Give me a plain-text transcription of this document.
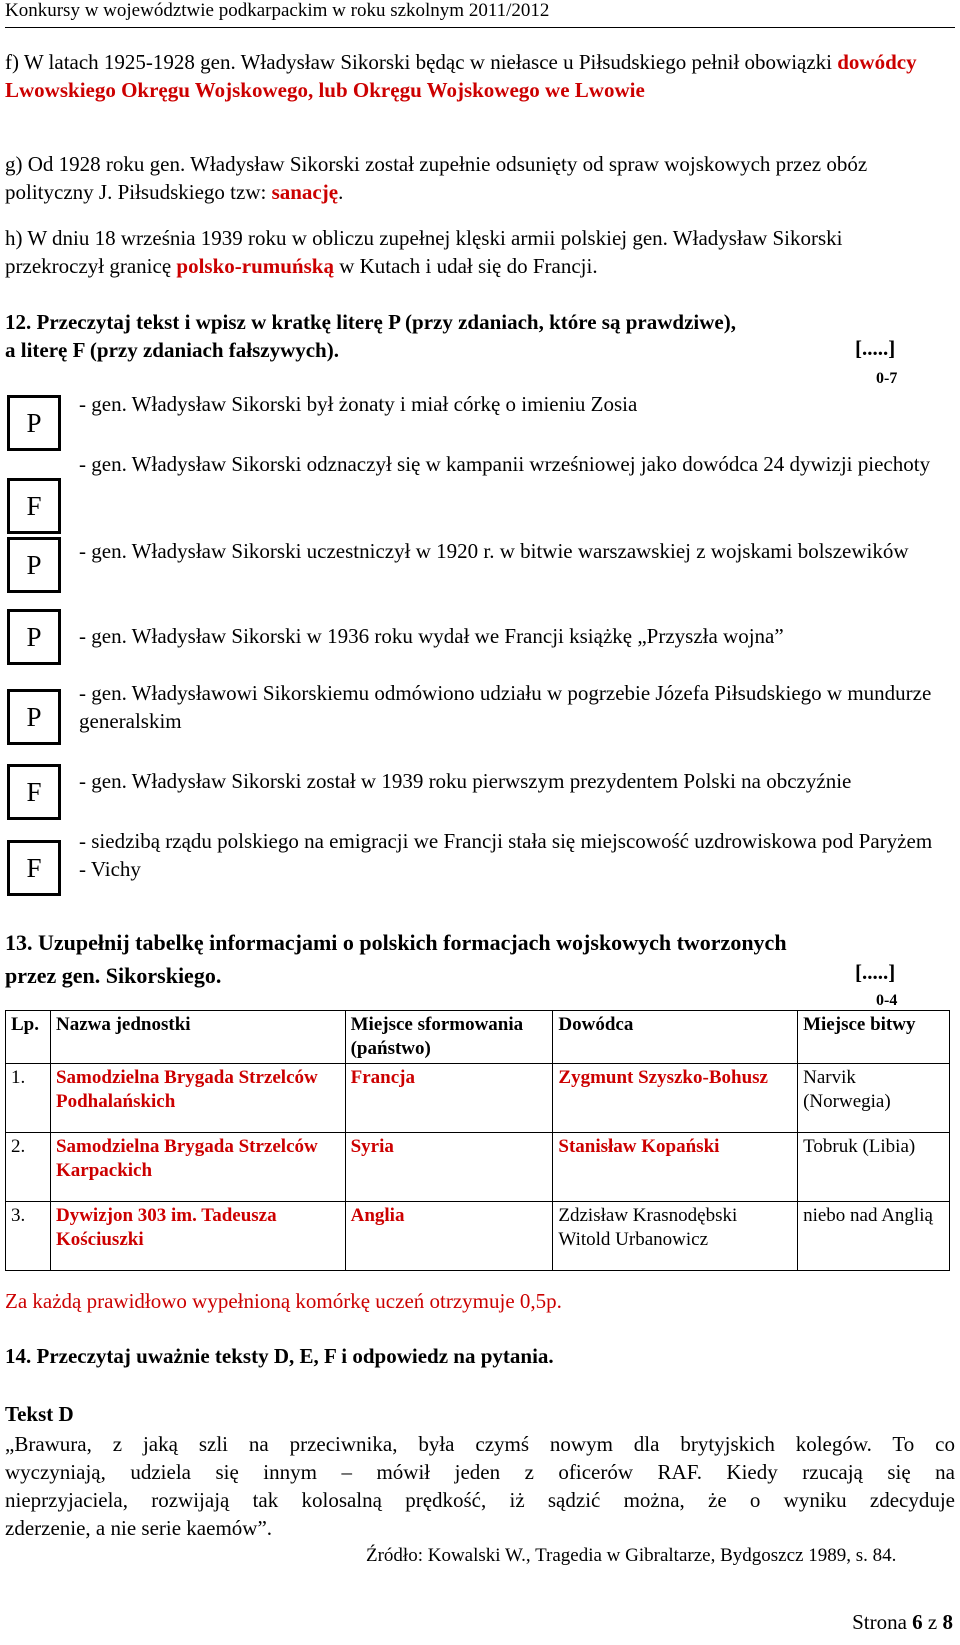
Konkursy w województwie podkarpackim w roku szkolnym 2011/2012
f) W latach 1925-1928 gen. Władysław Sikorski będąc w niełasce u Piłsudskiego pełnił obowiązki dowódcy Lwowskiego Okręgu Wojskowego, lub Okręgu Wojskowego we Lwowie
g) Od 1928 roku gen. Władysław Sikorski został zupełnie odsunięty od spraw wojskowych przez obóz polityczny J. Piłsudskiego tzw: sanację.
h) W dniu 18 września 1939 roku w obliczu zupełnej klęski armii polskiej gen. Władysław Sikorski przekroczył granicę polsko-rumuńską w Kutach i udał się do Francji.
12. Przeczytaj tekst i wpisz w kratkę literę P (przy zdaniach, które są prawdziwe),
a literę F (przy zdaniach fałszywych).	[.....]
0-7
P
- gen. Władysław Sikorski był żonaty i miał córkę o imieniu Zosia
F
- gen. Władysław Sikorski odznaczył się w kampanii wrześniowej jako dowódca 24 dywizji piechoty
P	- gen. Władysław Sikorski uczestniczył w 1920 r. w bitwie warszawskiej z wojskami bolszewików
P	- gen. Władysław Sikorski w 1936 roku wydał we Francji książkę „Przyszła wojna”
P
- gen. Władysławowi Sikorskiemu odmówiono udziału w pogrzebie Józefa Piłsudskiego w mundurze generalskim
F	- gen. Władysław Sikorski został w 1939 roku pierwszym prezydentem Polski na obczyźnie
F
- siedzibą rządu polskiego na emigracji we Francji stała się miejscowość uzdrowiskowa pod Paryżem - Vichy
13. Uzupełnij tabelkę informacjami o polskich formacjach wojskowych tworzonych
przez gen. Sikorskiego.	[.....]
0-4
Lp.	Nazwa jednostki	Miejsce sformowania (państwo)	Dowódca	Miejsce bitwy
1.	Samodzielna Brygada Strzelców Podhalańskich	Francja	Zygmunt Szyszko-Bohusz	Narvik (Norwegia)
2.	Samodzielna Brygada Strzelców Karpackich	Syria	Stanisław Kopański	Tobruk (Libia)
3.	Dywizjon 303 im. Tadeusza Kościuszki	Anglia	Zdzisław Krasnodębski Witold Urbanowicz	niebo nad Anglią
Za każdą prawidłowo wypełnioną komórkę uczeń otrzymuje 0,5p.
14. Przeczytaj uważnie teksty D, E, F i odpowiedz na pytania.
Tekst D
„Brawura, z jaką szli na przeciwnika, była czymś nowym dla brytyjskich kolegów. To co
wyczyniają, udziela się innym – mówił jeden z oficerów RAF. Kiedy rzucają się na
nieprzyjaciela, rozwijają tak kolosalną prędkość, iż sądzić można, że o wyniku zdecyduje
zderzenie, a nie serie kaemów”.
Źródło: Kowalski W., Tragedia w Gibraltarze, Bydgoszcz 1989, s. 84.
Strona 6 z 8
